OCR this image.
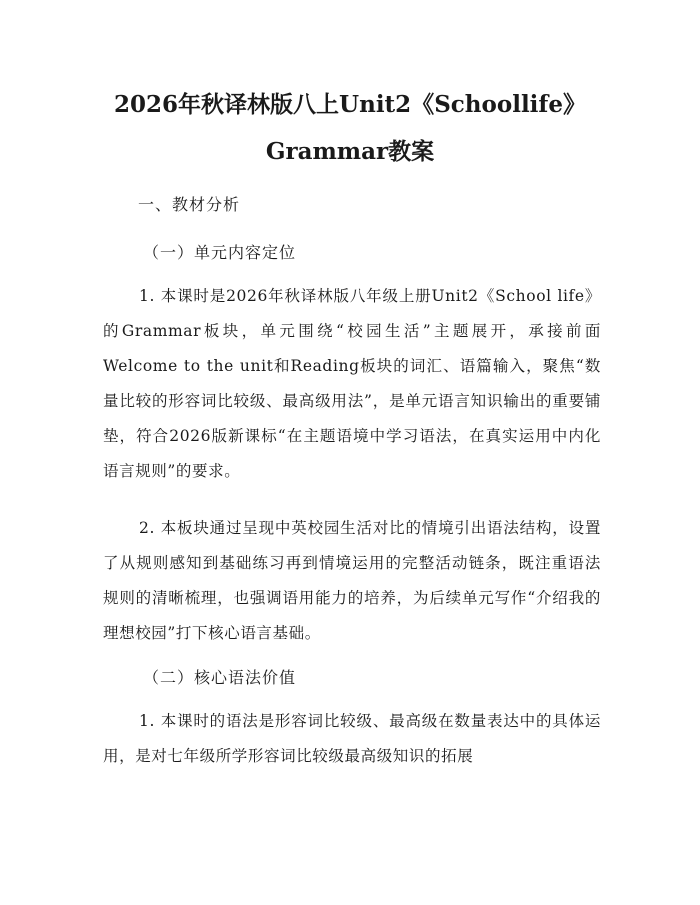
2026年秋译林版八上Unit2《Schoollife》
Grammar教案
一、教材分析
（一）单元内容定位

1. 本课时是2026年秋译林版八年级上册Unit2《School life》的Grammar板块，单元围绕“校园生活”主题展开，承接前面Welcome to the unit和Reading板块的词汇、语篇输入，聚焦“数量比较的形容词比较级、最高级用法”，是单元语言知识输出的重要铺垫，符合2026版新课标“在主题语境中学习语法，在真实运用中内化语言规则”的要求。

2. 本板块通过呈现中英校园生活对比的情境引出语法结构，设置了从规则感知到基础练习再到情境运用的完整活动链条，既注重语法规则的清晰梳理，也强调语用能力的培养，为后续单元写作“介绍我的理想校园”打下核心语言基础。

（二）核心语法价值

1. 本课时的语法是形容词比较级、最高级在数量表达中的具体运用，是对七年级所学形容词比较级最高级知识的拓展
